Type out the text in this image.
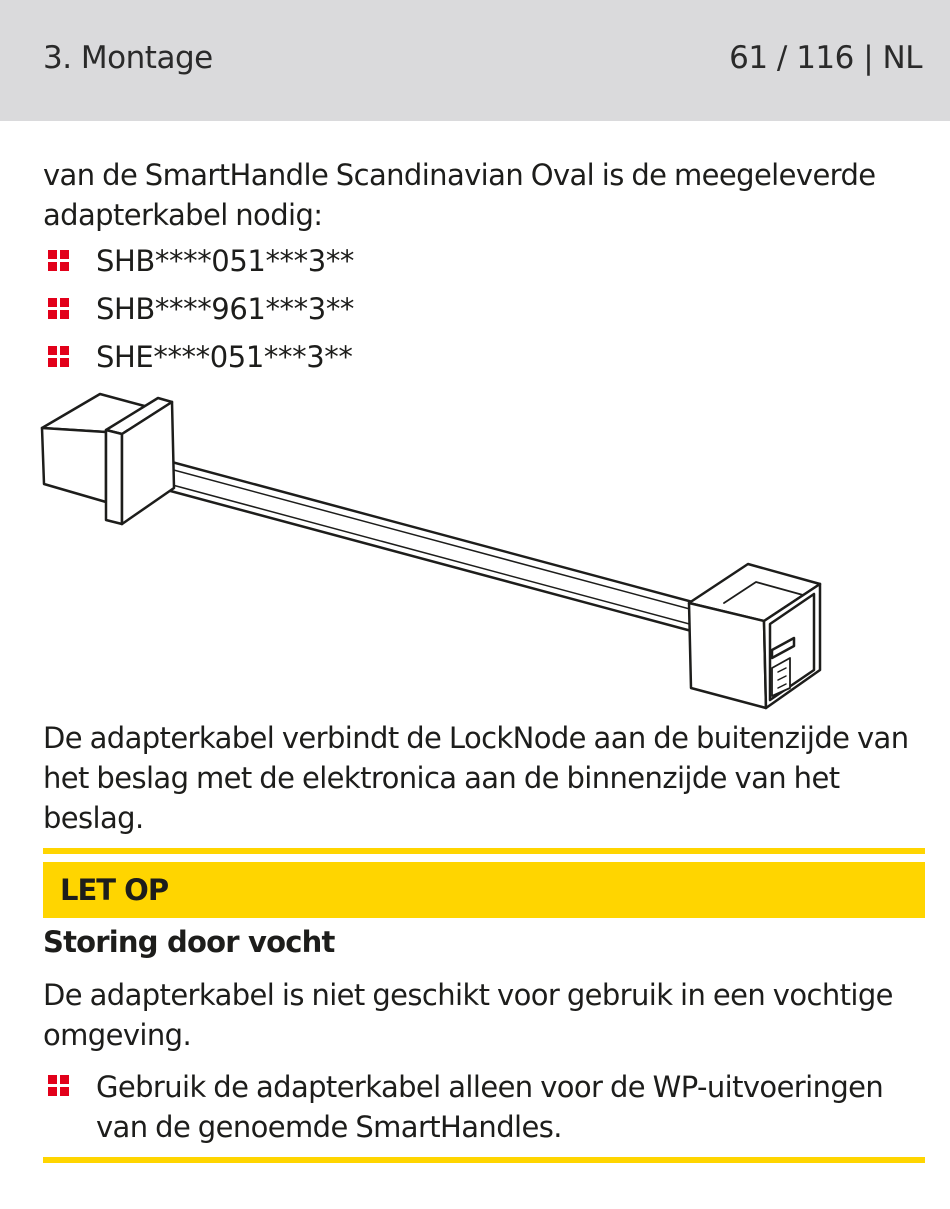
3. Montage	61 / 116 | NL

van de SmartHandle Scandinavian Oval is de meegeleverde adapterkabel nodig:

SHB****051***3**
SHB****961***3**
SHE****051***3**

De adapterkabel verbindt de LockNode aan de buitenzijde van het beslag met de elektronica aan de binnenzijde van het beslag.

LET OP
Storing door vocht

De adapterkabel is niet geschikt voor gebruik in een vochtige omgeving.

Gebruik de adapterkabel alleen voor de WP-uitvoeringen van de genoemde SmartHandles.
